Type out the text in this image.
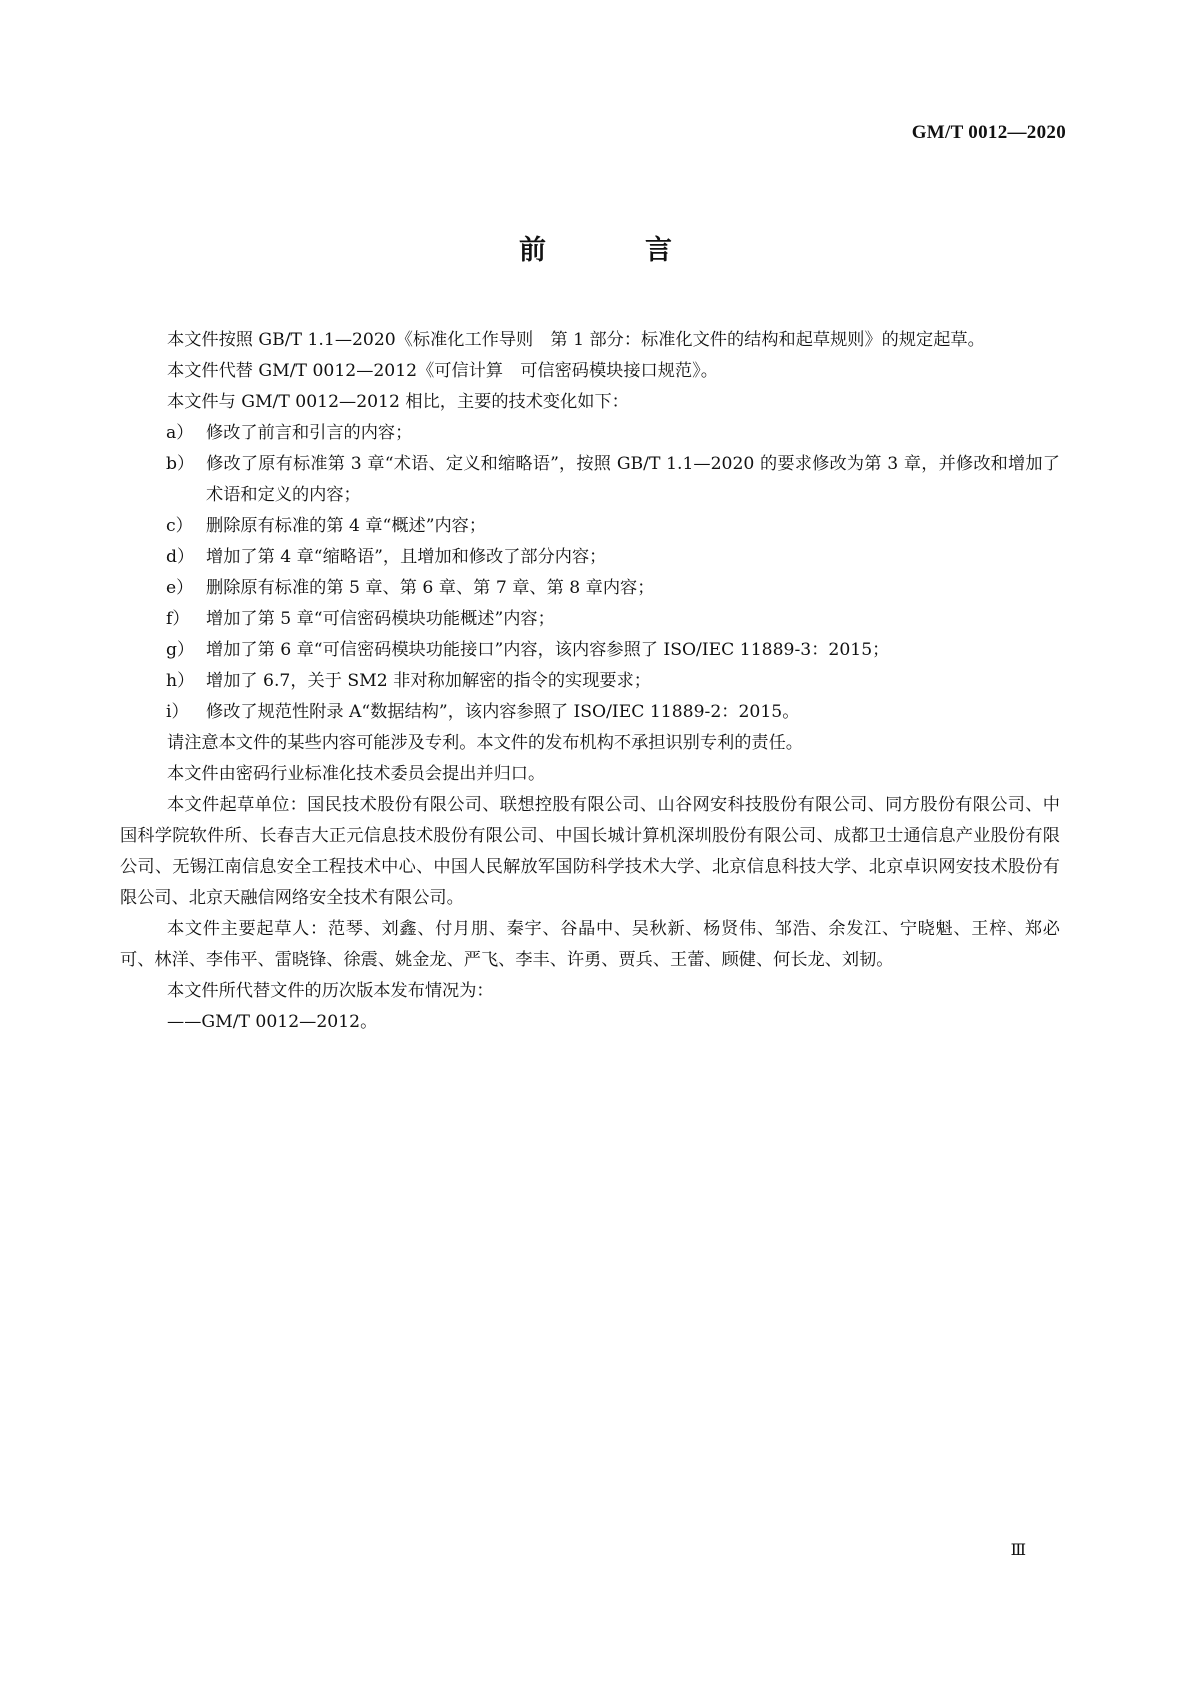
GM/T 0012—2020
前　言

本文件按照 GB/T 1.1—2020《标准化工作导则　第 1 部分：标准化文件的结构和起草规则》的规定起草。

本文件代替 GM/T 0012—2012《可信计算　可信密码模块接口规范》。

本文件与 GM/T 0012—2012 相比，主要的技术变化如下：

a） 修改了前言和引言的内容；

b） 修改了原有标准第 3 章“术语、定义和缩略语”，按照 GB/T 1.1—2020 的要求修改为第 3 章，并修改和增加了术语和定义的内容；

c） 删除原有标准的第 4 章“概述”内容；

d） 增加了第 4 章“缩略语”，且增加和修改了部分内容；

e） 删除原有标准的第 5 章、第 6 章、第 7 章、第 8 章内容；

f） 增加了第 5 章“可信密码模块功能概述”内容；

g） 增加了第 6 章“可信密码模块功能接口”内容，该内容参照了 ISO/IEC 11889-3：2015；

h） 增加了 6.7，关于 SM2 非对称加解密的指令的实现要求；

i） 修改了规范性附录 A“数据结构”，该内容参照了 ISO/IEC 11889-2：2015。

请注意本文件的某些内容可能涉及专利。本文件的发布机构不承担识别专利的责任。

本文件由密码行业标准化技术委员会提出并归口。

本文件起草单位：国民技术股份有限公司、联想控股有限公司、山谷网安科技股份有限公司、同方股份有限公司、中国科学院软件所、长春吉大正元信息技术股份有限公司、中国长城计算机深圳股份有限公司、成都卫士通信息产业股份有限公司、无锡江南信息安全工程技术中心、中国人民解放军国防科学技术大学、北京信息科技大学、北京卓识网安技术股份有限公司、北京天融信网络安全技术有限公司。

本文件主要起草人：范琴、刘鑫、付月朋、秦宇、谷晶中、吴秋新、杨贤伟、邹浩、余发江、宁晓魁、王梓、郑必可、林洋、李伟平、雷晓锋、徐震、姚金龙、严飞、李丰、许勇、贾兵、王蕾、顾健、何长龙、刘韧。

本文件所代替文件的历次版本发布情况为：

——GM/T 0012—2012。

Ⅲ
